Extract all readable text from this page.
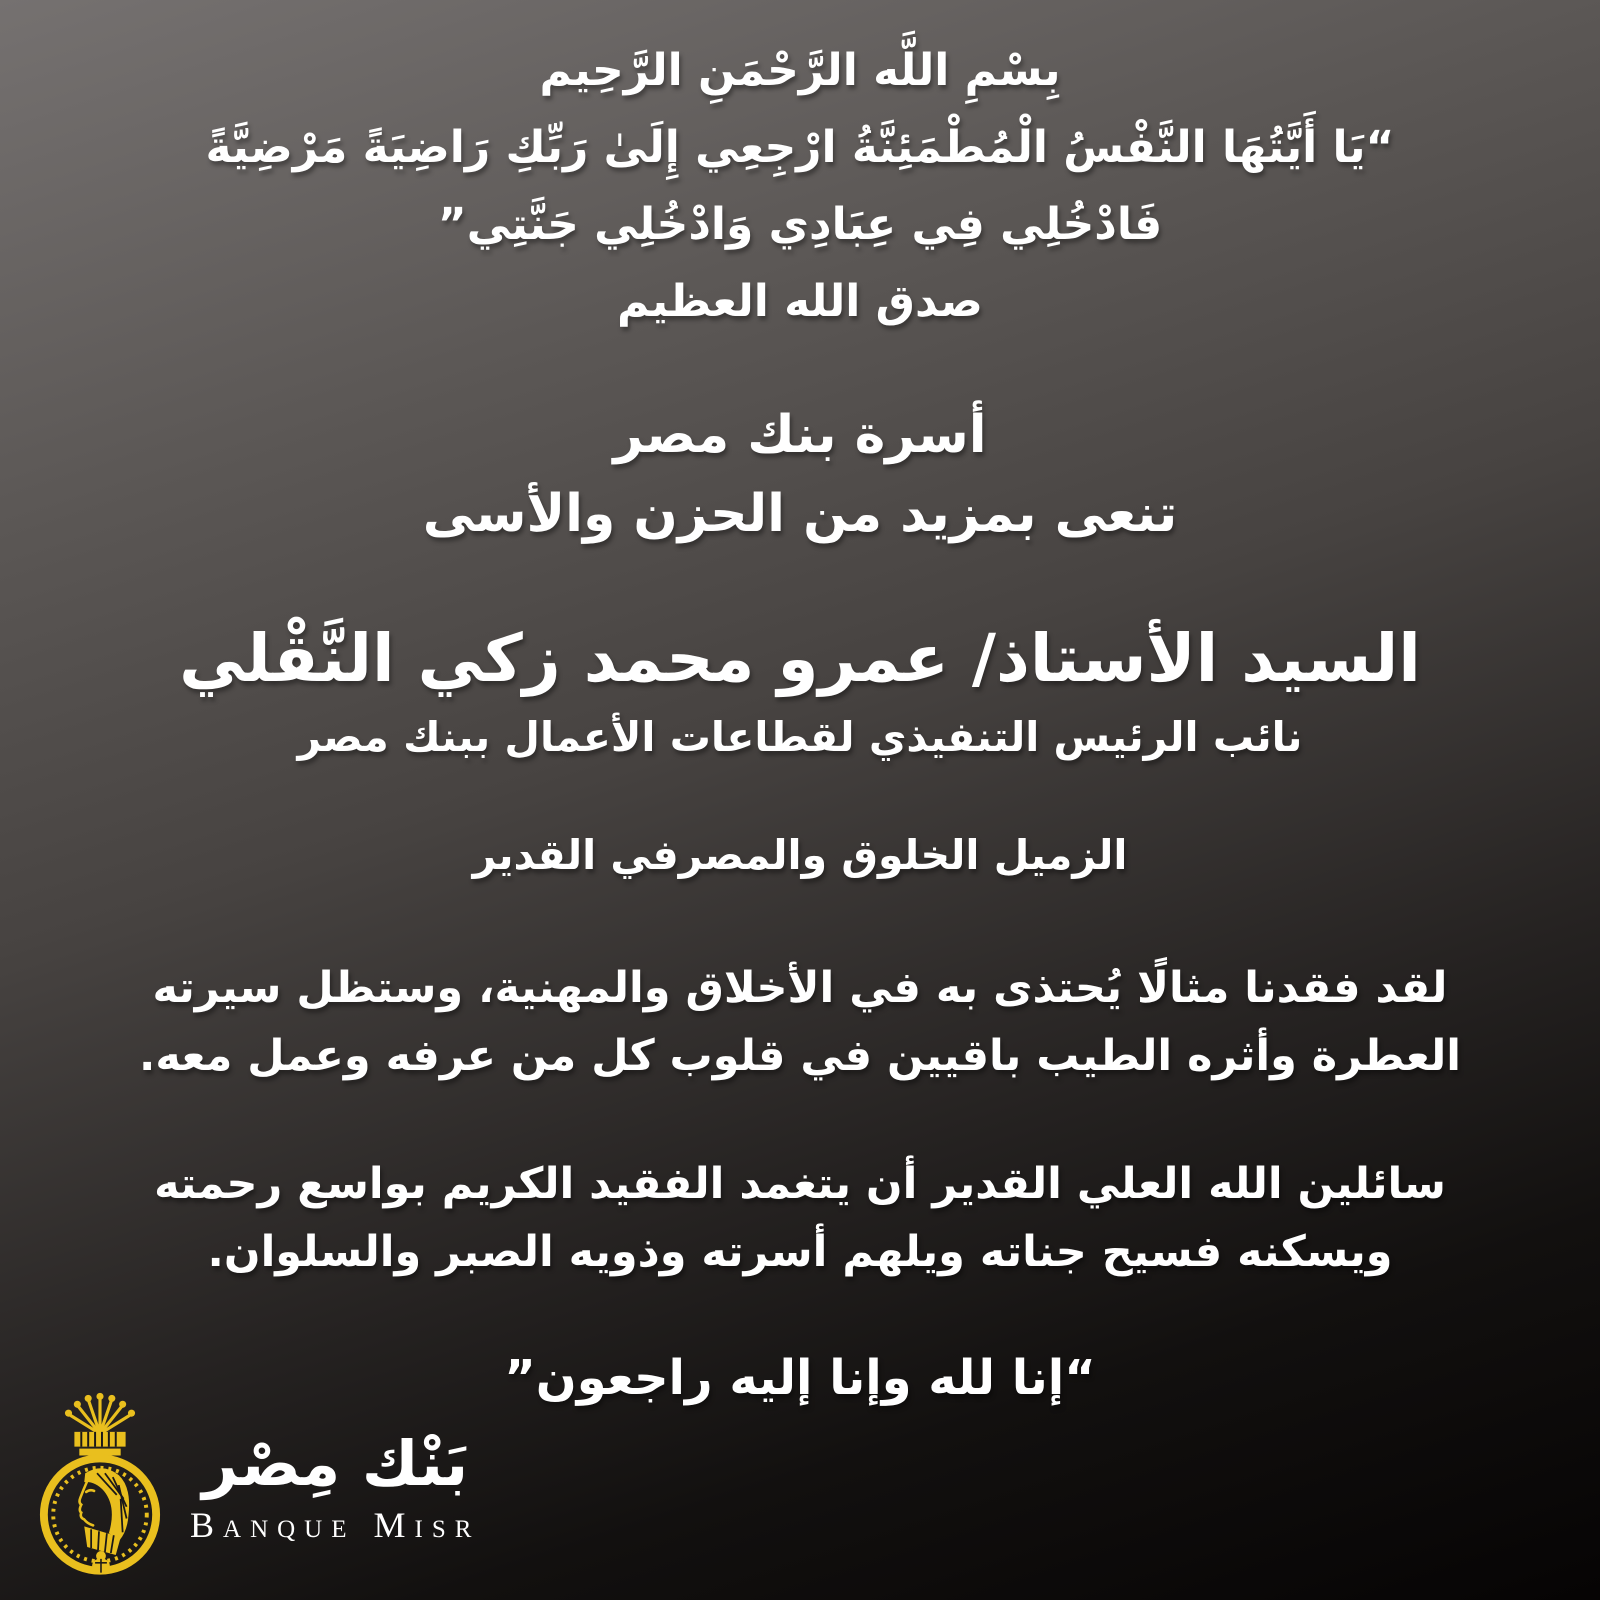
بِسْمِ اللَّه الرَّحْمَنِ الرَّحِيم

“يَا أَيَّتُهَا النَّفْسُ الْمُطْمَئِنَّةُ ارْجِعِي إِلَىٰ رَبِّكِ رَاضِيَةً مَرْضِيَّةً

فَادْخُلِي فِي عِبَادِي وَادْخُلِي جَنَّتِي”

صدق الله العظيم

أسرة بنك مصر

تنعى بمزيد من الحزن والأسى

السيد الأستاذ/ عمرو محمد زكي النَّقْلي

نائب الرئيس التنفيذي لقطاعات الأعمال ببنك مصر

الزميل الخلوق والمصرفي القدير

لقد فقدنا مثالًا يُحتذى به في الأخلاق والمهنية، وستظل سيرته العطرة وأثره الطيب باقيين في قلوب كل من عرفه وعمل معه.

سائلين الله العلي القدير أن يتغمد الفقيد الكريم بواسع رحمته ويسكنه فسيح جناته ويلهم أسرته وذويه الصبر والسلوان.

“إنا لله وإنا إليه راجعون”

بَنْك مِصْر
Banque Misr
